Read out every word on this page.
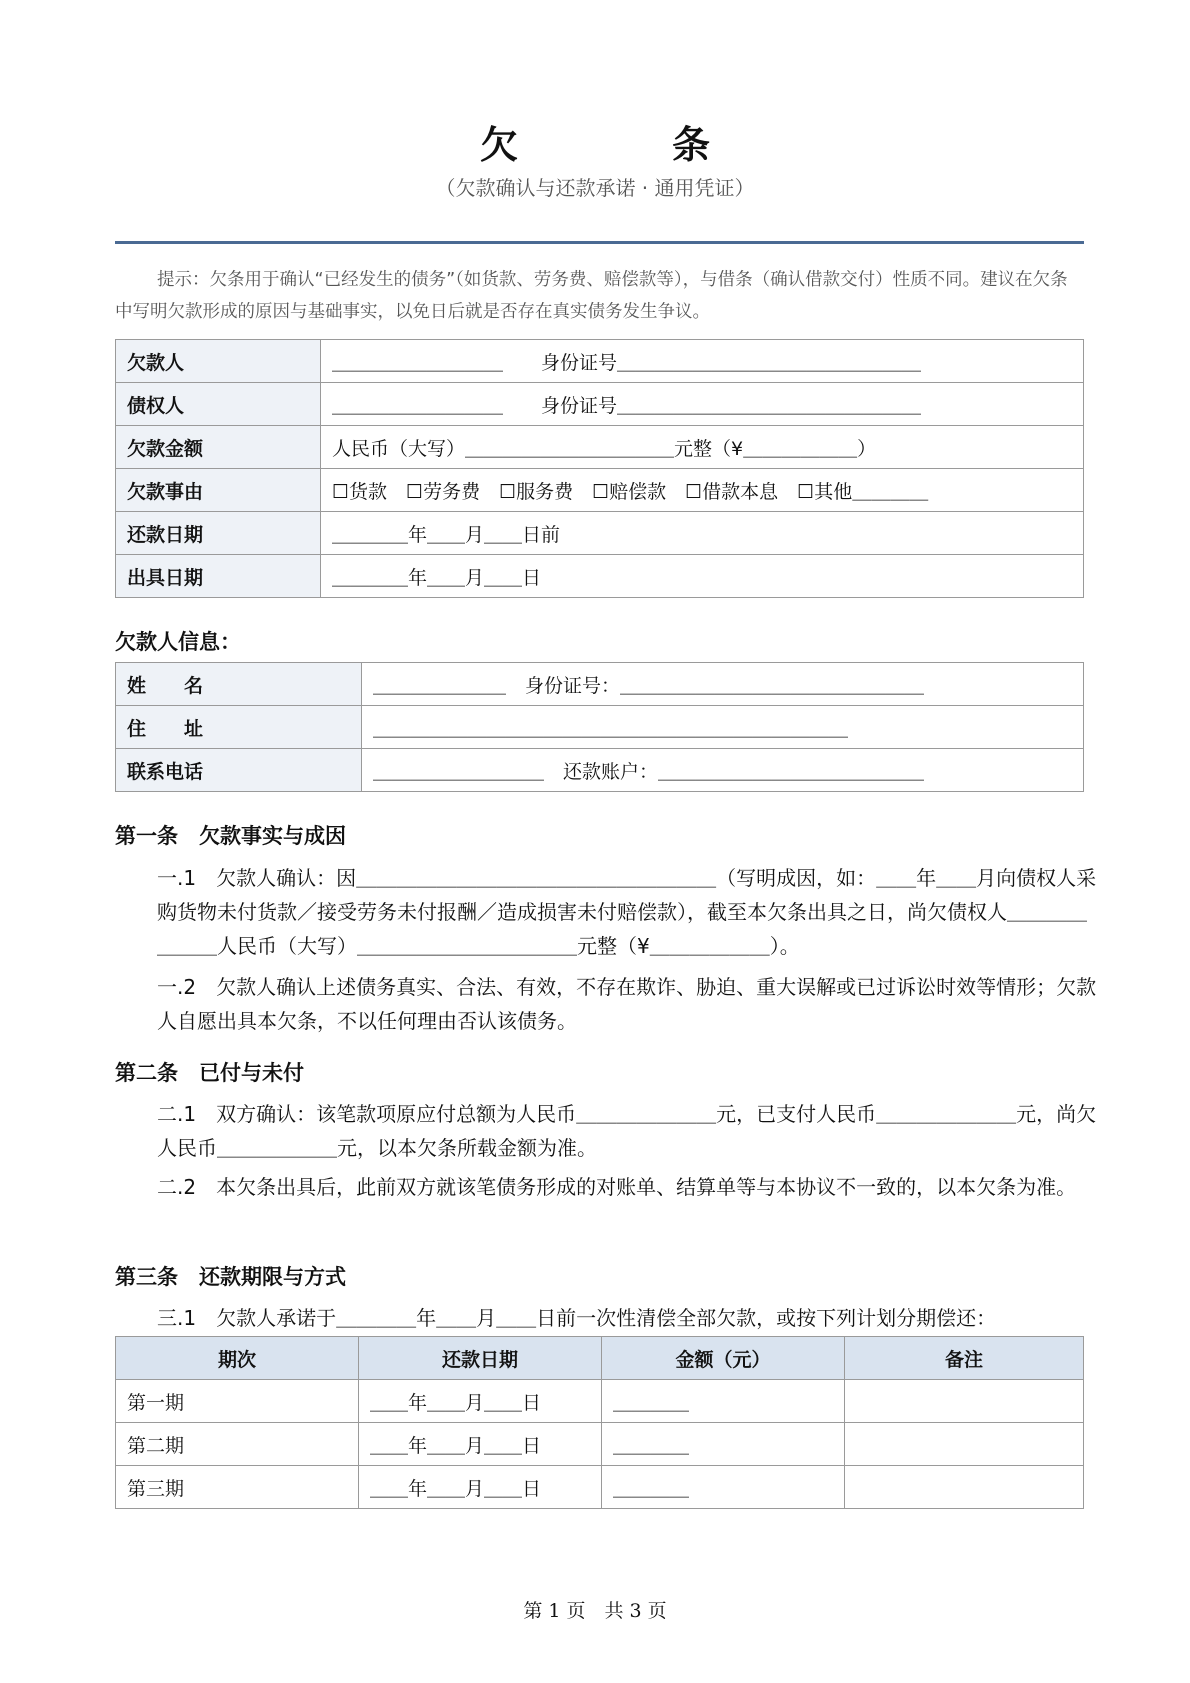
欠　条
（欠款确认与还款承诺 · 通用凭证）
提示：欠条用于确认“已经发生的债务”（如货款、劳务费、赔偿款等），与借条（确认借款交付）性质不同。建议在欠条中写明欠款形成的原因与基础事实，以免日后就是否存在真实债务发生争议。
欠款人	＿＿＿＿＿＿＿＿＿　　身份证号＿＿＿＿＿＿＿＿＿＿＿＿＿＿＿＿
债权人	＿＿＿＿＿＿＿＿＿　　身份证号＿＿＿＿＿＿＿＿＿＿＿＿＿＿＿＿
欠款金额	人民币（大写）＿＿＿＿＿＿＿＿＿＿＿元整（¥＿＿＿＿＿＿）
欠款事由	☐货款　☐劳务费　☐服务费　☐赔偿款　☐借款本息　☐其他＿＿＿＿
还款日期	＿＿＿＿年＿＿月＿＿日前
出具日期	＿＿＿＿年＿＿月＿＿日
欠款人信息：
姓　　名	＿＿＿＿＿＿＿　身份证号：＿＿＿＿＿＿＿＿＿＿＿＿＿＿＿＿
住　　址	＿＿＿＿＿＿＿＿＿＿＿＿＿＿＿＿＿＿＿＿＿＿＿＿＿
联系电话	＿＿＿＿＿＿＿＿＿　还款账户：＿＿＿＿＿＿＿＿＿＿＿＿＿＿
第一条　欠款事实与成因
一.1　欠款人确认：因＿＿＿＿＿＿＿＿＿＿＿＿＿＿＿＿＿＿（写明成因，如：＿＿年＿＿月向债权人采购货物未付货款／接受劳务未付报酬／造成损害未付赔偿款），截至本欠条出具之日，尚欠债权人＿＿＿＿＿＿＿人民币（大写）＿＿＿＿＿＿＿＿＿＿＿元整（¥＿＿＿＿＿＿）。
一.2　欠款人确认上述债务真实、合法、有效，不存在欺诈、胁迫、重大误解或已过诉讼时效等情形；欠款人自愿出具本欠条，不以任何理由否认该债务。
第二条　已付与未付
二.1　双方确认：该笔款项原应付总额为人民币＿＿＿＿＿＿＿元，已支付人民币＿＿＿＿＿＿＿元，尚欠人民币＿＿＿＿＿＿元，以本欠条所载金额为准。
二.2　本欠条出具后，此前双方就该笔债务形成的对账单、结算单等与本协议不一致的，以本欠条为准。
第三条　还款期限与方式
三.1　欠款人承诺于＿＿＿＿年＿＿月＿＿日前一次性清偿全部欠款，或按下列计划分期偿还：
期次	还款日期	金额（元）	备注
第一期	＿＿年＿＿月＿＿日	＿＿＿＿	
第二期	＿＿年＿＿月＿＿日	＿＿＿＿	
第三期	＿＿年＿＿月＿＿日	＿＿＿＿	
第 1 页　共 3 页
